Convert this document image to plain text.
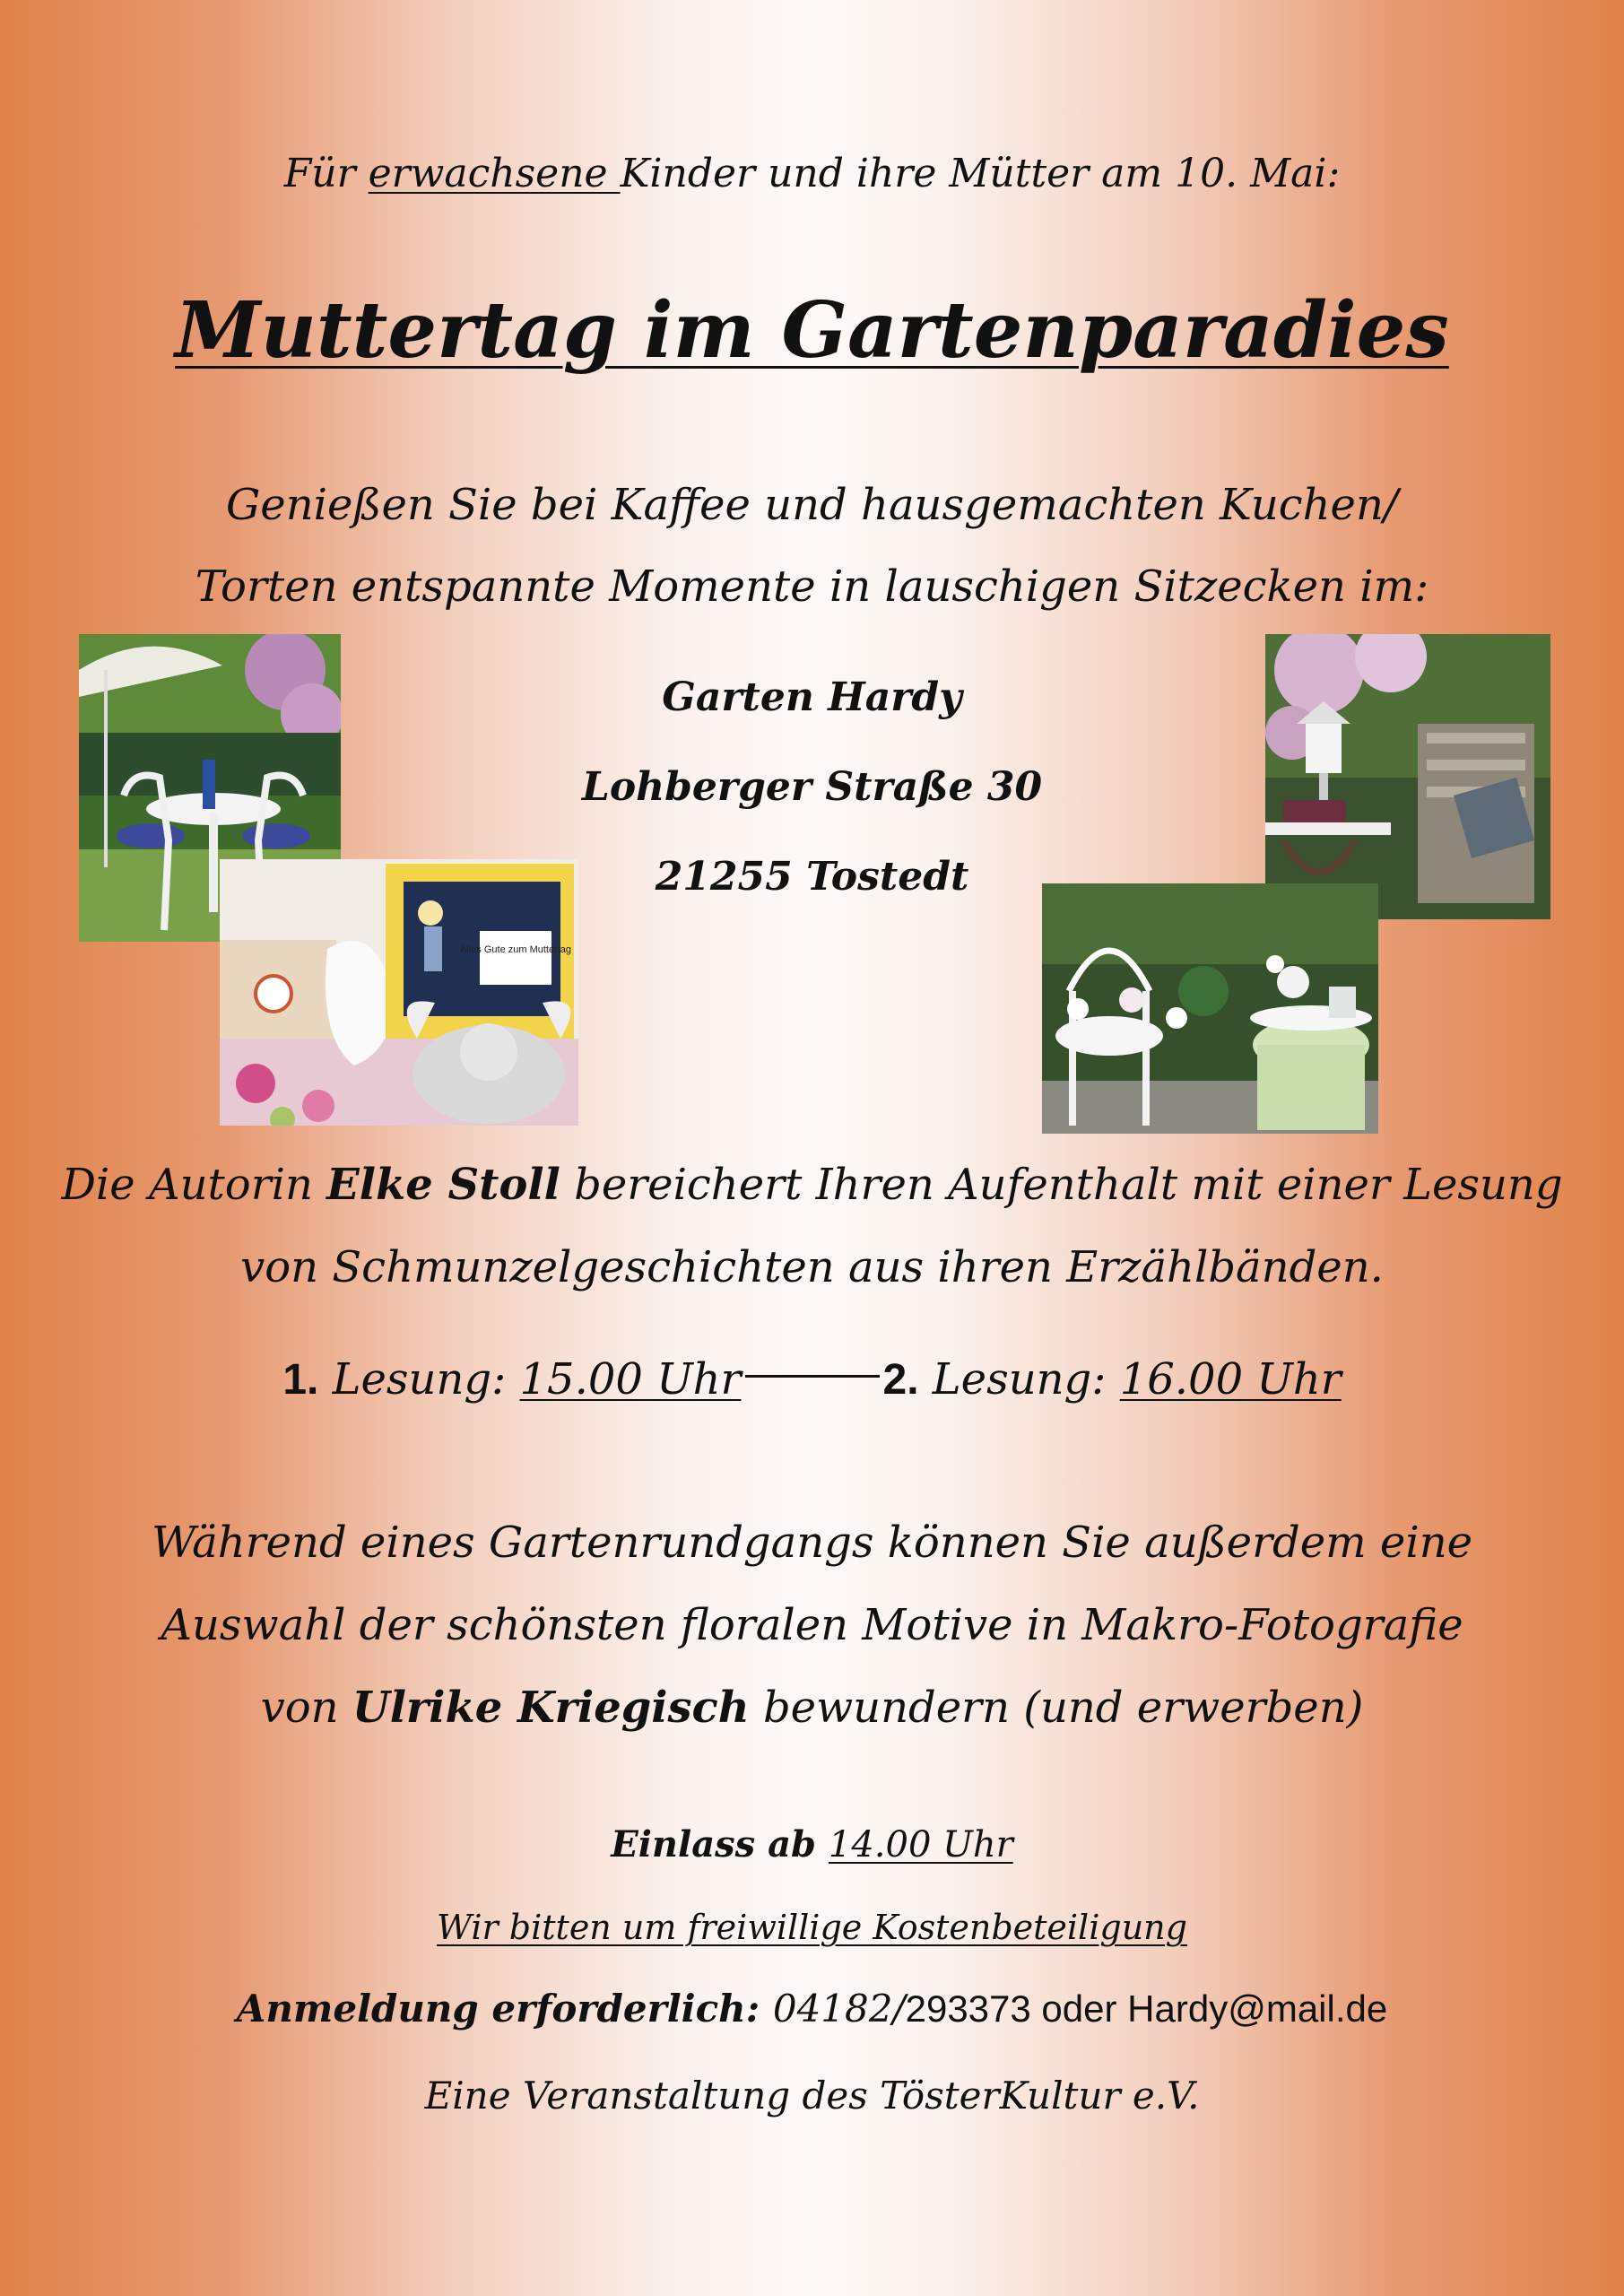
Für erwachsene Kinder und ihre Mütter am 10. Mai:
Muttertag im Gartenparadies
Genießen Sie bei Kaffee und hausgemachten Kuchen/
Torten entspannte Momente in lauschigen Sitzecken im:
Garten Hardy
Lohberger Straße 30
21255 Tostedt
Alles Gute zum Muttertag
Die Autorin Elke Stoll bereichert Ihren Aufenthalt mit einer Lesung
von Schmunzelgeschichten aus ihren Erzählbänden.
1. Lesung: 15.00 Uhr	2. Lesung: 16.00 Uhr
Während eines Gartenrundgangs können Sie außerdem eine
Auswahl der schönsten floralen Motive in Makro-Fotografie
von Ulrike Kriegisch bewundern (und erwerben)
Einlass ab 14.00 Uhr
Wir bitten um freiwillige Kostenbeteiligung
Anmeldung erforderlich: 04182/293373 oder Hardy@mail.de
Eine Veranstaltung des TösterKultur e.V.
